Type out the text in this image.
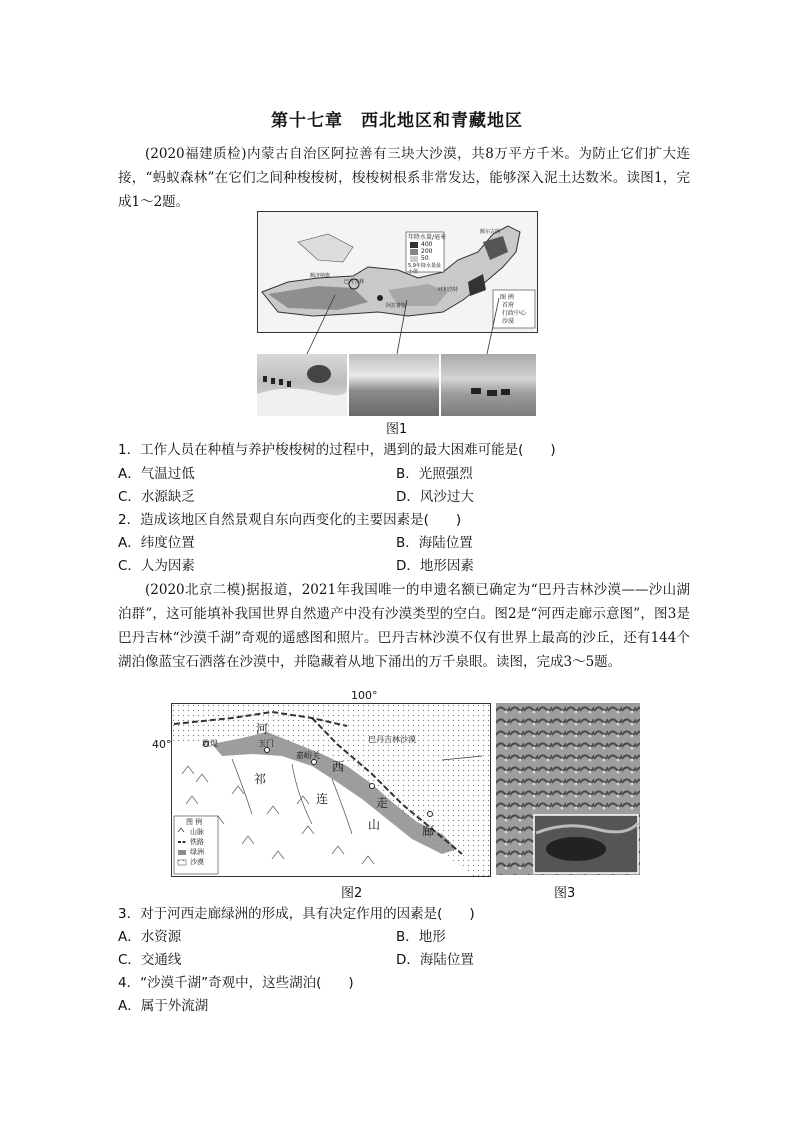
第十七章　西北地区和青藏地区
(2020福建质检)内蒙古自治区阿拉善有三块大沙漠，共8万平方千米。为防止它们扩大连接，“蚂蚁森林”在它们之间种梭梭树，梭梭树根系非常发达，能够深入泥土达数米。读图1，完成1～2题。
年降水量/毫米
400
200
50
5.9年降水量最小值
图 例
首府
行政中心
沙漠
额济纳旗
巴丹吉林
阿拉善盟
呼和浩特
额尔古纳
图1
1．工作人员在种植与养护梭梭树的过程中，遇到的最大困难可能是(　　)
A．气温过低	B．光照强烈
C．水源缺乏	D．风沙过大
2．造成该地区自然景观自东向西变化的主要因素是(　　)
A．纬度位置	B．海陆位置
C．人为因素	D．地形因素
(2020北京二模)据报道，2021年我国唯一的申遗名额已确定为“巴丹吉林沙漠——沙山湖泊群”，这可能填补我国世界自然遗产中没有沙漠类型的空白。图2是“河西走廊示意图”，图3是巴丹吉林“沙漠千湖”奇观的遥感图和照片。巴丹吉林沙漠不仅有世界上最高的沙丘，还有144个湖泊像蓝宝石洒落在沙漠中，并隐藏着从地下涌出的万千泉眼。读图，完成3～5题。
图 例
山脉
铁路
绿洲
沙漠
敦煌	玉门
嘉峪关
巴丹吉林沙漠
河
西
祁
连	走
山	廊
100°
40°
图2	图3
3．对于河西走廊绿洲的形成，具有决定作用的因素是(　　)
A．水资源	B．地形
C．交通线	D．海陆位置
4．“沙漠千湖”奇观中，这些湖泊(　　)
A．属于外流湖
